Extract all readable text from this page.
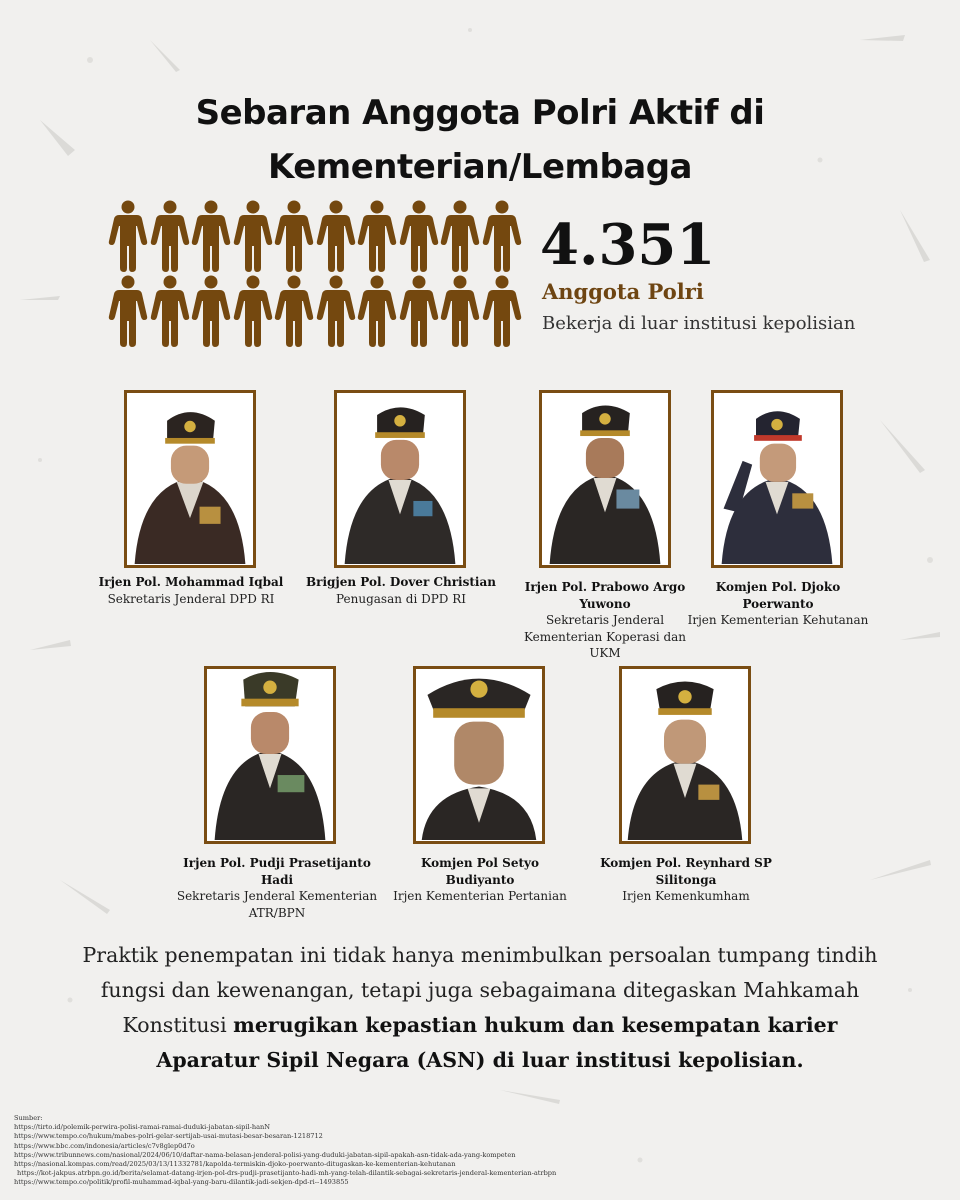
Sebaran Anggota Polri Aktif di
Kementerian/Lembaga
4.351
Anggota Polri
Bekerja di luar institusi kepolisian
Irjen Pol. Mohammad Iqbal
Sekretaris Jenderal DPD RI
Brigjen Pol. Dover Christian
Penugasan di DPD RI
Irjen Pol. Prabowo Argo Yuwono
Sekretaris Jenderal Kementerian Koperasi dan UKM
Komjen Pol. Djoko Poerwanto
Irjen Kementerian Kehutanan
Irjen Pol. Pudji Prasetijanto Hadi
Sekretaris Jenderal Kementerian ATR/BPN
Komjen Pol Setyo Budiyanto
Irjen Kementerian Pertanian
Komjen Pol. Reynhard SP Silitonga
Irjen Kemenkumham
Praktik penempatan ini tidak hanya menimbulkan persoalan tumpang tindih fungsi dan kewenangan, tetapi juga sebagaimana ditegaskan Mahkamah Konstitusi merugikan kepastian hukum dan kesempatan karier Aparatur Sipil Negara (ASN) di luar institusi kepolisian.
Sumber:
https://tirto.id/polemik-perwira-polisi-ramai-ramai-duduki-jabatan-sipil-hanN
https://www.tempo.co/hukum/mabes-polri-gelar-sertijab-usai-mutasi-besar-besaran-1218712
https://www.bbc.com/indonesia/articles/c7v8glep0d7o
https://www.tribunnews.com/nasional/2024/06/10/daftar-nama-belasan-jenderal-polisi-yang-duduki-jabatan-sipil-apakah-asn-tidak-ada-yang-kompeten
https://nasional.kompas.com/read/2025/03/13/11332781/kapolda-termiskin-djoko-poerwanto-ditugaskan-ke-kementerian-kehutanan
https://kot-jakpus.atrbpn.go.id/berita/selamat-datang-irjen-pol-drs-pudji-prasetijanto-hadi-mh-yang-telah-dilantik-sebagai-sekretaris-jenderal-kementerian-atrbpn
https://www.tempo.co/politik/profil-muhammad-iqbal-yang-baru-dilantik-jadi-sekjen-dpd-ri--1493855
